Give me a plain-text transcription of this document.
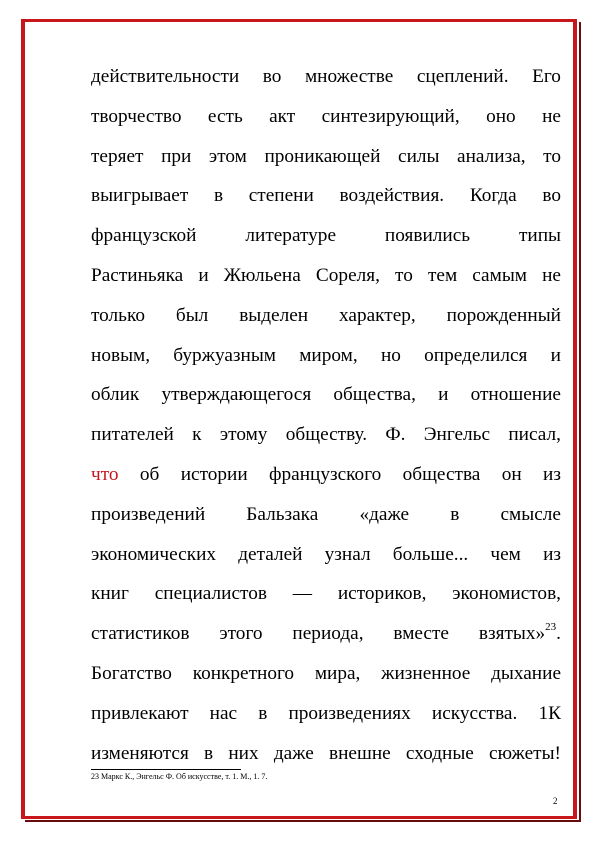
действительности во множестве сцеплений. Его
творчество есть акт синтезирующий, оно не
теряет при этом проникающей силы анализа, то
выигрывает в степени воздействия. Когда во
французской	литературе	появились	типы
Растиньяка и Жюльена Сореля, то тем самым не
только был выделен характер, порожденный
новым, буржуазным миром, но определился и
облик утверждающегося общества, и отношение
питателей к этому обществу. Ф. Энгельс писал,
что об истории французского общества он из
произведений Бальзака «даже в смысле
экономических деталей узнал больше... чем из
книг специалистов — историков, экономистов,
статистиков этого периода, вместе взятых»$^{23}$.
Богатство конкретного мира, жизненное дыхание
привлекают нас в произведениях искусства. 1К
изменяются в них даже внешне сходные сюжеты!
23 Маркс К., Энгельс Ф. Об искусстве, т. 1. М., 1. 7.
2
